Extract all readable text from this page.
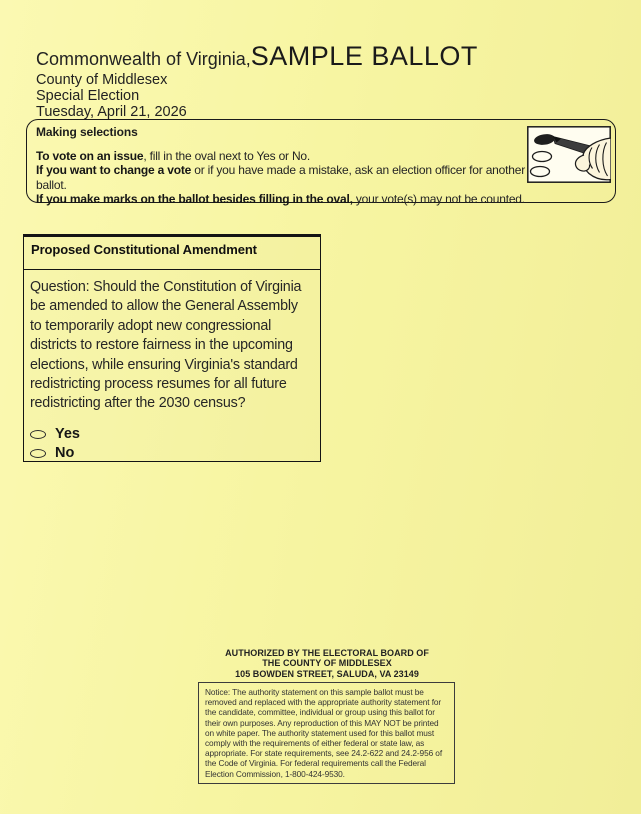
Commonwealth of Virginia, SAMPLE BALLOT
County of Middlesex
Special Election
Tuesday, April 21, 2026
Making selections
To vote on an issue, fill in the oval next to Yes or No.
If you want to change a vote or if you have made a mistake, ask an election officer for another
ballot.
If you make marks on the ballot besides filling in the oval, your vote(s) may not be counted.
Proposed Constitutional Amendment
Question: Should the Constitution of Virginia
be amended to allow the General Assembly
to temporarily adopt new congressional
districts to restore fairness in the upcoming
elections, while ensuring Virginia's standard
redistricting process resumes for all future
redistricting after the 2030 census?
Yes
No
AUTHORIZED BY THE ELECTORAL BOARD OF
THE COUNTY OF MIDDLESEX
105 BOWDEN STREET, SALUDA, VA 23149
Notice: The authority statement on this sample ballot must be removed and replaced with the appropriate authority statement for the candidate, committee, individual or group using this ballot for their own purposes. Any reproduction of this MAY NOT be printed on white paper. The authority statement used for this ballot must comply with the requirements of either federal or state law, as appropriate. For state requirements, see 24.2-622 and 24.2-956 of the Code of Virginia. For federal requirements call the Federal Election Commission, 1-800-424-9530.
